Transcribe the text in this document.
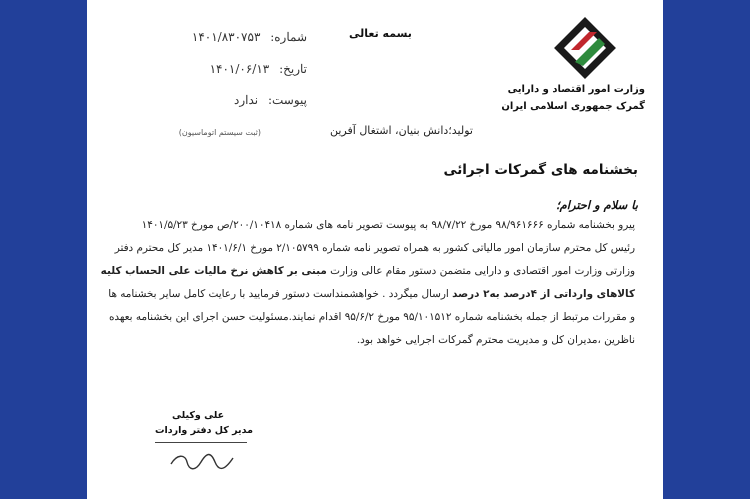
شماره: ۱۴۰۱/۸۳۰۷۵۳
تاریخ: ۱۴۰۱/۰۶/۱۳
پیوست: ندارد
(ثبت سیستم اتوماسیون)
بسمه تعالی
وزارت امور اقتصاد و دارایی
گمرک جمهوری اسلامی ایران
تولید؛دانش بنیان، اشتغال آفرین
بخشنامه های گمرکات اجرائی
با سلام و احترام؛
پیرو بخشنامه شماره ۹۸/۹۶۱۶۶۶ مورخ ۹۸/۷/۲۲ به پیوست تصویر نامه های شماره ۲۰۰/۱۰۴۱۸/ص مورخ ۱۴۰۱/۵/۲۳
رئیس کل محترم سازمان امور مالیاتی کشور به همراه تصویر نامه شماره ۲/۱۰۵۷۹۹ مورخ ۱۴۰۱/۶/۱ مدیر کل محترم دفتر
وزارتی وزارت امور اقتصادی و دارایی متضمن دستور مقام عالی وزارت مبنی بر کاهش نرخ مالیات علی الحساب کلیه
کالاهای وارداتی از ۴درصد به۲ درصد ارسال میگردد . خواهشمنداست دستور فرمایید با رعایت کامل سایر بخشنامه ها
و مقررات مرتبط از جمله بخشنامه شماره ۹۵/۱۰۱۵۱۲ مورخ ۹۵/۶/۲ اقدام نمایند.مسئولیت حسن اجرای این بخشنامه بعهده
ناظرین ،مدیران کل و مدیریت محترم گمرکات اجرایی خواهد بود.
علی وکیلی
مدیر کل دفتر واردات
